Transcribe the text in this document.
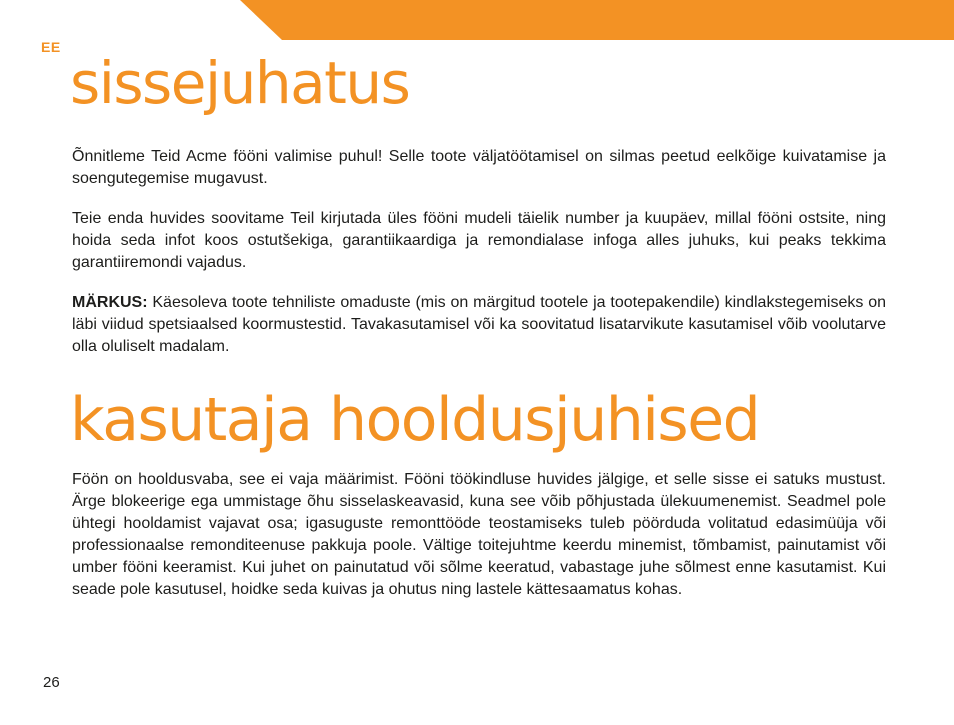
EE
sissejuhatus

Õnnitleme Teid Acme fööni valimise puhul! Selle toote väljatöötamisel on silmas peetud eelkõige kuivatamise ja soengutegemise mugavust.

Teie enda huvides soovitame Teil kirjutada üles fööni mudeli täielik number ja kuupäev, millal fööni ostsite, ning hoida seda infot koos ostutšekiga, garantiikaardiga ja remondialase infoga alles juhuks, kui peaks tekkima garantiiremondi vajadus.

MÄRKUS: Käesoleva toote tehniliste omaduste (mis on märgitud tootele ja tootepakendile) kindlakstegemiseks on läbi viidud spetsiaalsed koormustestid. Tavakasutamisel või ka soovitatud lisatarvikute kasutamisel võib voolutarve olla oluliselt madalam.

kasutaja hooldusjuhised

Föön on hooldusvaba, see ei vaja määrimist. Fööni töökindluse huvides jälgige, et selle sisse ei satuks mustust. Ärge blokeerige ega ummistage õhu sisselaskeavasid, kuna see võib põhjustada ülekuumenemist. Seadmel pole ühtegi hooldamist vajavat osa; igasuguste remonttööde teostamiseks tuleb pöörduda volitatud edasimüüja või professionaalse remonditeenuse pakkuja poole. Vältige toitejuhtme keerdu minemist, tõmbamist, painutamist või umber fööni keeramist. Kui juhet on painutatud või sõlme keeratud, vabastage juhe sõlmest enne kasutamist. Kui seade pole kasutusel, hoidke seda kuivas ja ohutus ning lastele kättesaamatus kohas.

26
